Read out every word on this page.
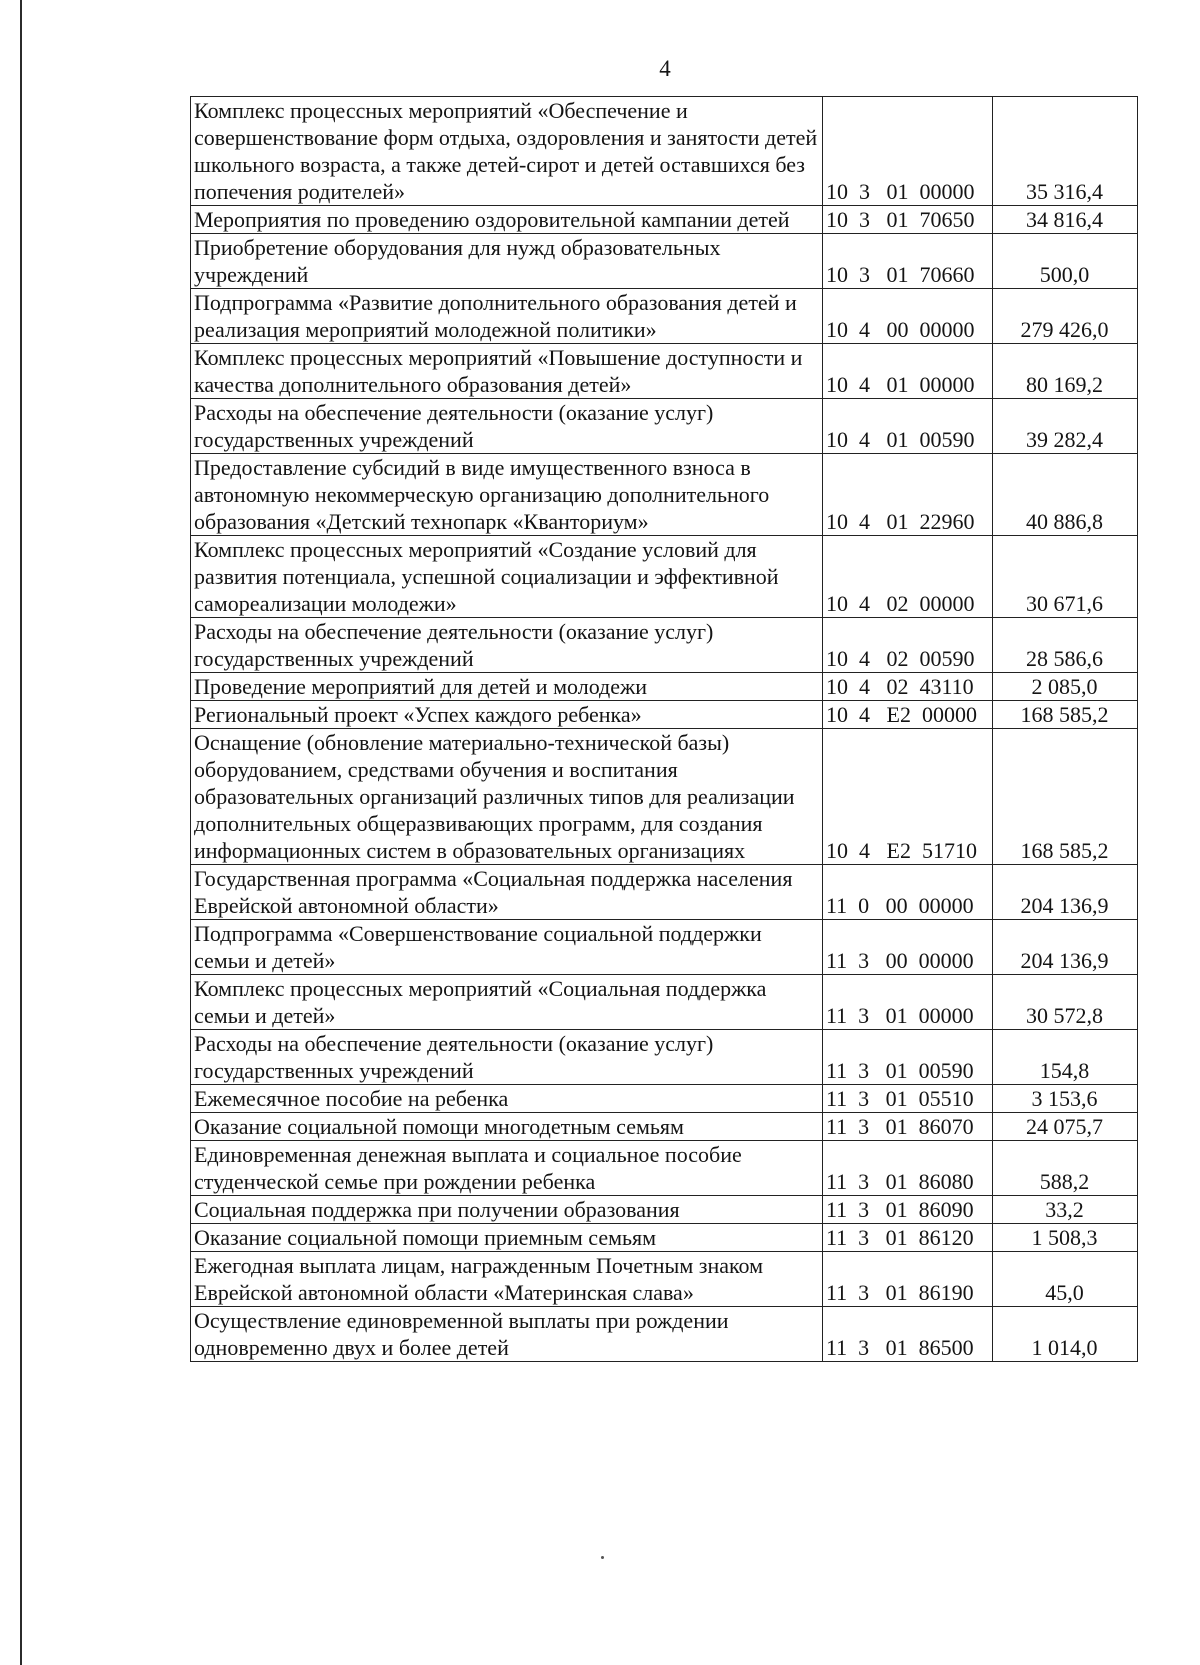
4
Комплекс процессных мероприятий «Обеспечение и совершенствование форм отдыха, оздоровления и занятости детей школьного возраста, а также детей-сирот и детей оставшихся без попечения родителей»	10  3   01  00000	35 316,4
Мероприятия по проведению оздоровительной кампании детей	10  3   01  70650	34 816,4
Приобретение оборудования для нужд образовательных учреждений	10  3   01  70660	500,0
Подпрограмма «Развитие дополнительного образования детей и реализация мероприятий молодежной политики»	10  4   00  00000	279 426,0
Комплекс процессных мероприятий «Повышение доступности и качества дополнительного образования детей»	10  4   01  00000	80 169,2
Расходы на обеспечение деятельности (оказание услуг) государственных учреждений	10  4   01  00590	39 282,4
Предоставление субсидий в виде имущественного взноса в автономную некоммерческую организацию дополнительного образования «Детский технопарк «Кванториум»	10  4   01  22960	40 886,8
Комплекс процессных мероприятий «Создание условий для развития потенциала, успешной социализации и эффективной самореализации молодежи»	10  4   02  00000	30 671,6
Расходы на обеспечение деятельности (оказание услуг) государственных учреждений	10  4   02  00590	28 586,6
Проведение мероприятий для детей и молодежи	10  4   02  43110	2 085,0
Региональный проект «Успех каждого ребенка»	10  4   Е2  00000	168 585,2
Оснащение (обновление материально-технической базы) оборудованием, средствами обучения и воспитания образовательных организаций различных типов для реализации дополнительных общеразвивающих программ, для создания информационных систем в образовательных организациях	10  4   Е2  51710	168 585,2
Государственная программа «Социальная поддержка населения Еврейской автономной области»	11  0   00  00000	204 136,9
Подпрограмма «Совершенствование социальной поддержки семьи и детей»	11  3   00  00000	204 136,9
Комплекс процессных мероприятий «Социальная поддержка семьи и детей»	11  3   01  00000	30 572,8
Расходы на обеспечение деятельности (оказание услуг) государственных учреждений	11  3   01  00590	154,8
Ежемесячное пособие на ребенка	11  3   01  05510	3 153,6
Оказание социальной помощи многодетным семьям	11  3   01  86070	24 075,7
Единовременная денежная выплата и социальное пособие студенческой семье при рождении ребенка	11  3   01  86080	588,2
Социальная поддержка при получении образования	11  3   01  86090	33,2
Оказание социальной помощи приемным семьям	11  3   01  86120	1 508,3
Ежегодная выплата лицам, награжденным Почетным знаком Еврейской автономной области «Материнская слава»	11  3   01  86190	45,0
Осуществление единовременной выплаты при рождении одновременно двух и более детей	11  3   01  86500	1 014,0
